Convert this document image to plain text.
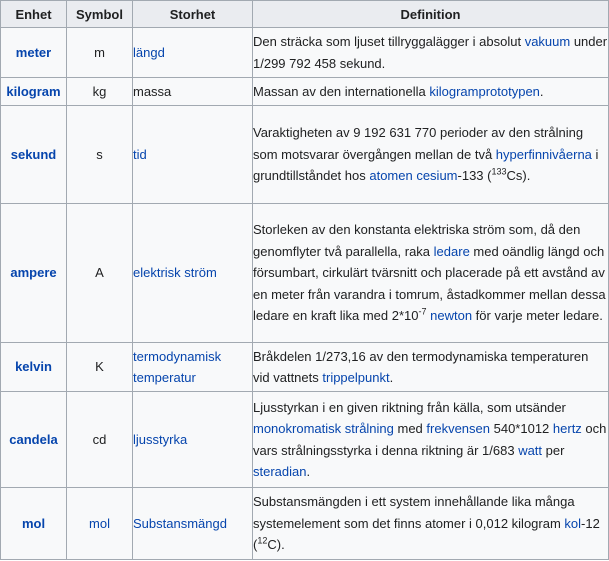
Enhet	Symbol	Storhet	Definition
meter	m	längd	Den sträcka som ljuset tillryggalägger i absolut vakuum under 1/299 792 458 sekund.
kilogram	kg	massa	Massan av den internationella kilogramprototypen.
sekund	s	tid	Varaktigheten av 9 192 631 770 perioder av den strålning som motsvarar övergången mellan de två hyperfinnivåerna i grundtillståndet hos atomen cesium-133 ($^{133}$Cs).
ampere	A	elektrisk ström	Storleken av den konstanta elektriska ström som, då den genomflyter två parallella, raka ledare med oändlig längd och försumbart, cirkulärt tvärsnitt och placerade på ett avstånd av en meter från varandra i tomrum, åstadkommer mellan dessa ledare en kraft lika med $2*10^{-7}$ newton för varje meter ledare.
kelvin	K	termodynamisk temperatur	Bråkdelen 1/273,16 av den termodynamiska temperaturen vid vattnets trippelpunkt.
candela	cd	ljusstyrka	Ljusstyrkan i en given riktning från källa, som utsänder monokromatisk strålning med frekvensen 540*1012 hertz och vars strålningsstyrka i denna riktning är 1/683 watt per steradian.
mol	mol	Substansmängd	Substansmängden i ett system innehållande lika många systemelement som det finns atomer i 0,012 kilogram kol-12 ($^{12}$C).
